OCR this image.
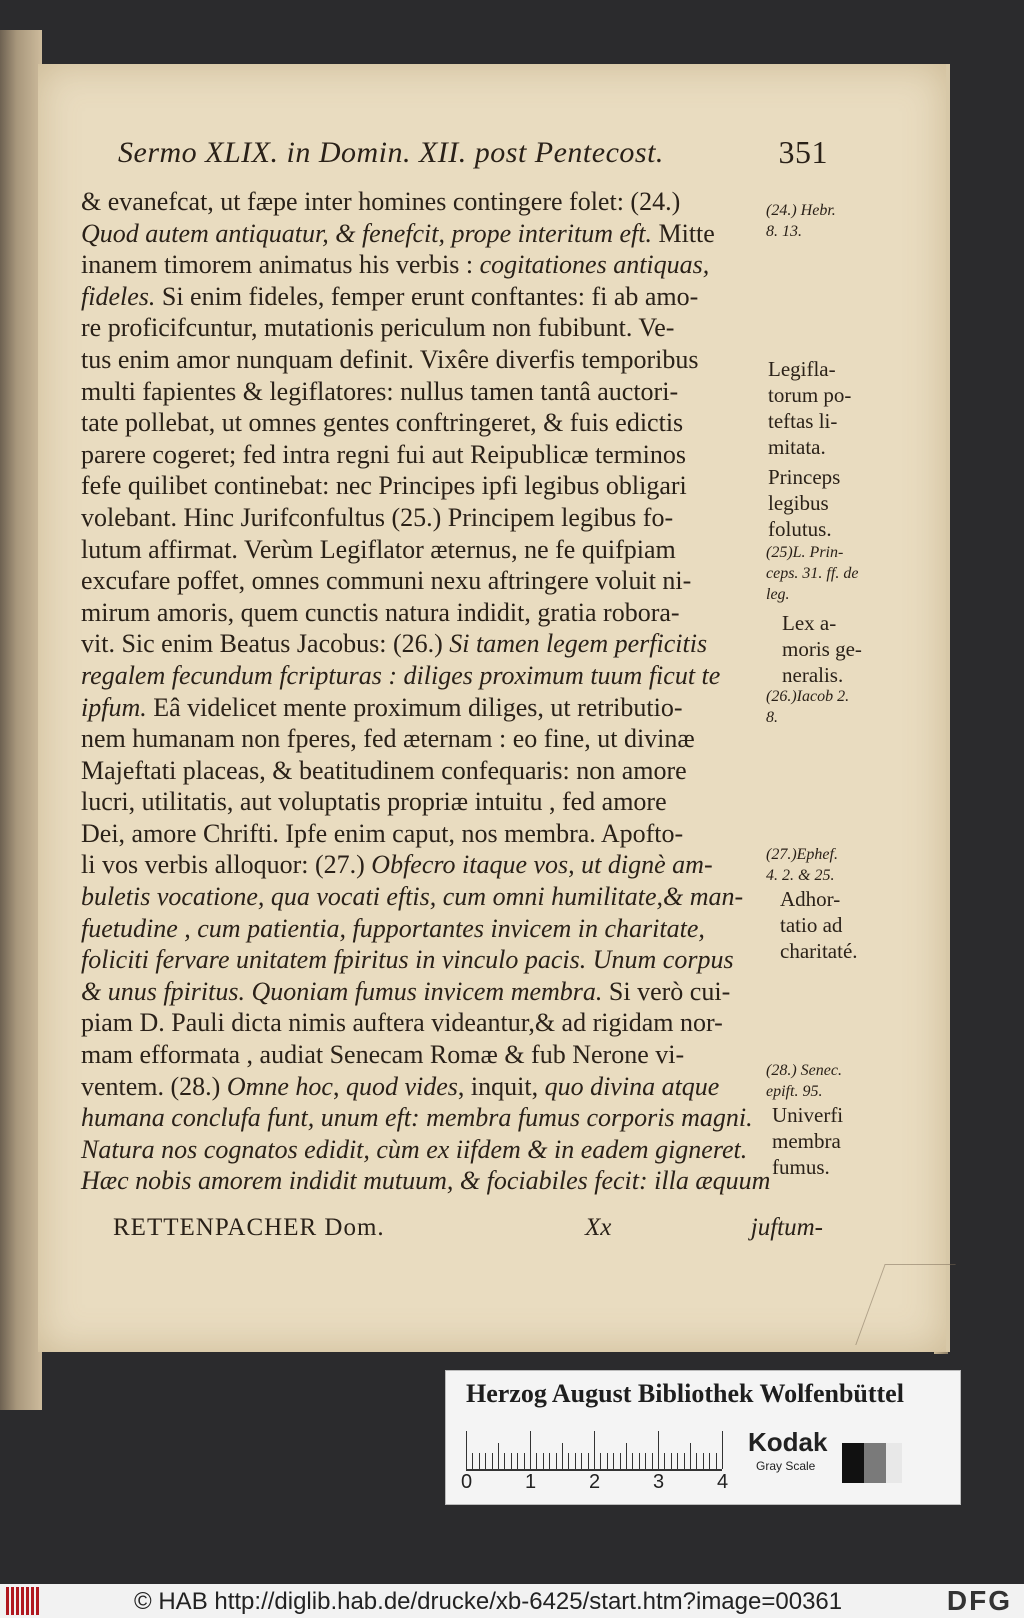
Sermo XLIX. in Domin. XII. post Pentecost.	351
& evanefcat, ut fæpe inter homines contingere folet: (24.)
Quod autem antiquatur, & fenefcit, prope interitum eft. Mitte
inanem timorem animatus his verbis : cogitationes antiquas,
fideles. Si enim fideles, femper erunt conftantes: fi ab amo-
re proficifcuntur, mutationis periculum non fubibunt. Ve-
tus enim amor nunquam definit. Vixêre diverfis temporibus
multi fapientes & legiflatores: nullus tamen tantâ auctori-
tate pollebat, ut omnes gentes conftringeret, & fuis edictis
parere cogeret; fed intra regni fui aut Reipublicæ terminos
fefe quilibet continebat: nec Principes ipfi legibus obligari
volebant. Hinc Jurifconfultus (25.) Principem legibus fo-
lutum affirmat. Verùm Legiflator æternus, ne fe quifpiam
excufare poffet, omnes communi nexu aftringere voluit ni-
mirum amoris, quem cunctis natura indidit, gratia robora-
vit. Sic enim Beatus Jacobus: (26.) Si tamen legem perficitis
regalem fecundum fcripturas : diliges proximum tuum ficut te
ipfum. Eâ videlicet mente proximum diliges, ut retributio-
nem humanam non fperes, fed æternam : eo fine, ut divinæ
Majeftati placeas, & beatitudinem confequaris: non amore
lucri, utilitatis, aut voluptatis propriæ intuitu , fed amore
Dei, amore Chrifti. Ipfe enim caput, nos membra. Apofto-
li vos verbis alloquor: (27.) Obfecro itaque vos, ut dignè am-
buletis vocatione, qua vocati eftis, cum omni humilitate,& man-
fuetudine , cum patientia, fupportantes invicem in charitate,
foliciti fervare unitatem fpiritus in vinculo pacis. Unum corpus
& unus fpiritus. Quoniam fumus invicem membra. Si verò cui-
piam D. Pauli dicta nimis auftera videantur,& ad rigidam nor-
mam efformata , audiat Senecam Romæ & fub Nerone vi-
ventem. (28.) Omne hoc, quod vides, inquit, quo divina atque
humana conclufa funt, unum eft: membra fumus corporis magni.
Natura nos cognatos edidit, cùm ex iifdem & in eadem gigneret.
Hæc nobis amorem indidit mutuum, & fociabiles fecit: illa æquum
RETTENPACHER Dom.	Xx	juftum-
(24.) Hebr.
8. 13.
Legifla-
torum po-
teftas li-
mitata.
Princeps
legibus
folutus.
(25)L. Prin-
ceps. 31. ff. de
leg.
Lex a-
moris ge-
neralis.
(26.)Iacob 2.
8.
(27.)Ephef.
4. 2. & 25.
Adhor-
tatio ad
charitaté.
(28.) Senec.
epift. 95.
Univerfi
membra
fumus.
Herzog August Bibliothek Wolfenbüttel
0	1	2	3	4
Kodak
Gray Scale
© HAB http://diglib.hab.de/drucke/xb-6425/start.htm?image=00361	DFG
